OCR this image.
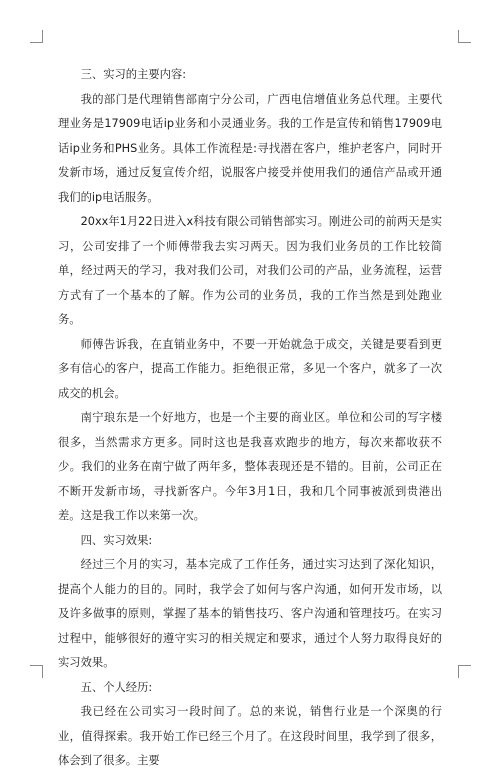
三、实习的主要内容:

我的部门是代理销售部南宁分公司，广西电信增值业务总代理。主要代理业务是17909电话ip业务和小灵通业务。我的工作是宣传和销售17909电话ip业务和PHS业务。具体工作流程是:寻找潜在客户，维护老客户，同时开发新市场，通过反复宣传介绍，说服客户接受并使用我们的通信产品或开通我们的ip电话服务。

20xx年1月22日进入x科技有限公司销售部实习。刚进公司的前两天是实习，公司安排了一个师傅带我去实习两天。因为我们业务员的工作比较简单，经过两天的学习，我对我们公司，对我们公司的产品，业务流程，运营方式有了一个基本的了解。作为公司的业务员，我的工作当然是到处跑业务。

师傅告诉我，在直销业务中，不要一开始就急于成交，关键是要看到更多有信心的客户，提高工作能力。拒绝很正常，多见一个客户，就多了一次成交的机会。

南宁琅东是一个好地方，也是一个主要的商业区。单位和公司的写字楼很多，当然需求方更多。同时这也是我喜欢跑步的地方，每次来都收获不少。我们的业务在南宁做了两年多，整体表现还是不错的。目前，公司正在不断开发新市场，寻找新客户。今年3月1日，我和几个同事被派到贵港出差。这是我工作以来第一次。

四、实习效果:

经过三个月的实习，基本完成了工作任务，通过实习达到了深化知识，提高个人能力的目的。同时，我学会了如何与客户沟通，如何开发市场，以及许多做事的原则，掌握了基本的销售技巧、客户沟通和管理技巧。在实习过程中，能够很好的遵守实习的相关规定和要求，通过个人努力取得良好的实习效果。

五、个人经历:

我已经在公司实习一段时间了。总的来说，销售行业是一个深奥的行业，值得探索。我开始工作已经三个月了。在这段时间里，我学到了很多，体会到了很多。主要
